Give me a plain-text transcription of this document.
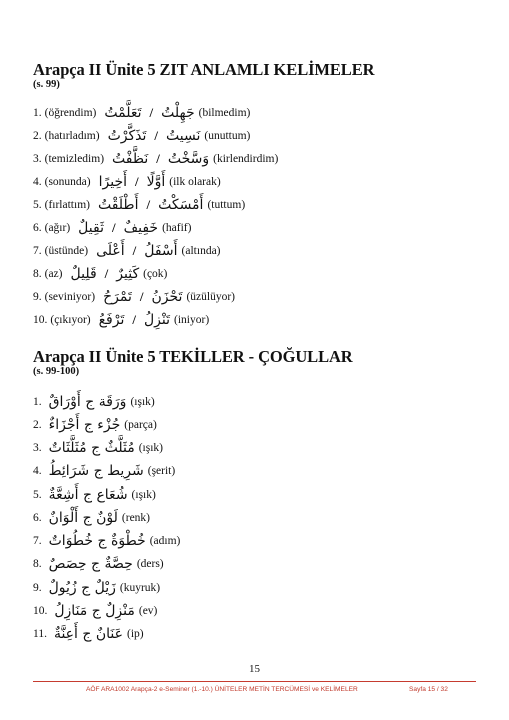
Arapça II Ünite 5 ZIT ANLAMLI KELİMELER
(s. 99)
1. (öğrendim) تَعَلَّمْتُ / جَهِلْتُ (bilmedim)
2. (hatırladım) تَذَكَّرْتُ / نَسِيتُ (unuttum)
3. (temizledim) نَظَّفْتُ / وَسَّخْتُ (kirlendirdim)
4. (sonunda) أَخِيرًا / أَوَّلًا (ilk olarak)
5. (fırlattım) أَطْلَقْتُ / أَمْسَكْتُ (tuttum)
6. (ağır) ثَقِيلٌ / خَفِيفٌ (hafif)
7. (üstünde) أَعْلَى / أَسْفَلُ (altında)
8. (az) قَلِيلٌ / كَثِيرٌ (çok)
9. (seviniyor) تَمْرَحُ / تَحْزَنُ (üzülüyor)
10. (çıkıyor) تَرْفَعُ / تَنْزِلُ (iniyor)
Arapça II Ünite 5 TEKİLLER - ÇOĞULLAR
(s. 99-100)
1. وَرَقَة ج أَوْرَاقٌ (ışık)
2. جُزْء ج أَجْزَاءٌ (parça)
3. مُثَلَّثٌ ج مُثَلَّثَاتٌ (ışık)
4. شَرِيط ج شَرَائِطُ (şerit)
5. شُعَاع ج أَشِعَّةٌ (ışık)
6. لَوْنٌ ج أَلْوَانٌ (renk)
7. خُطْوَةٌ ج خُطُوَاتٌ (adım)
8. حِصَّةٌ ج حِصَصٌ (ders)
9. زَيْلٌ ج زُيُولٌ (kuyruk)
10. مَنْزِلٌ ج مَنَازِلُ (ev)
11. عَنَانٌ ج أَعِنَّةٌ (ip)
15
AÖF ARA1002 Arapça-2 e-Seminer (1.-10.) ÜNİTELER METİN TERCÜMESİ ve KELİMELER	Sayfa 15 / 32
